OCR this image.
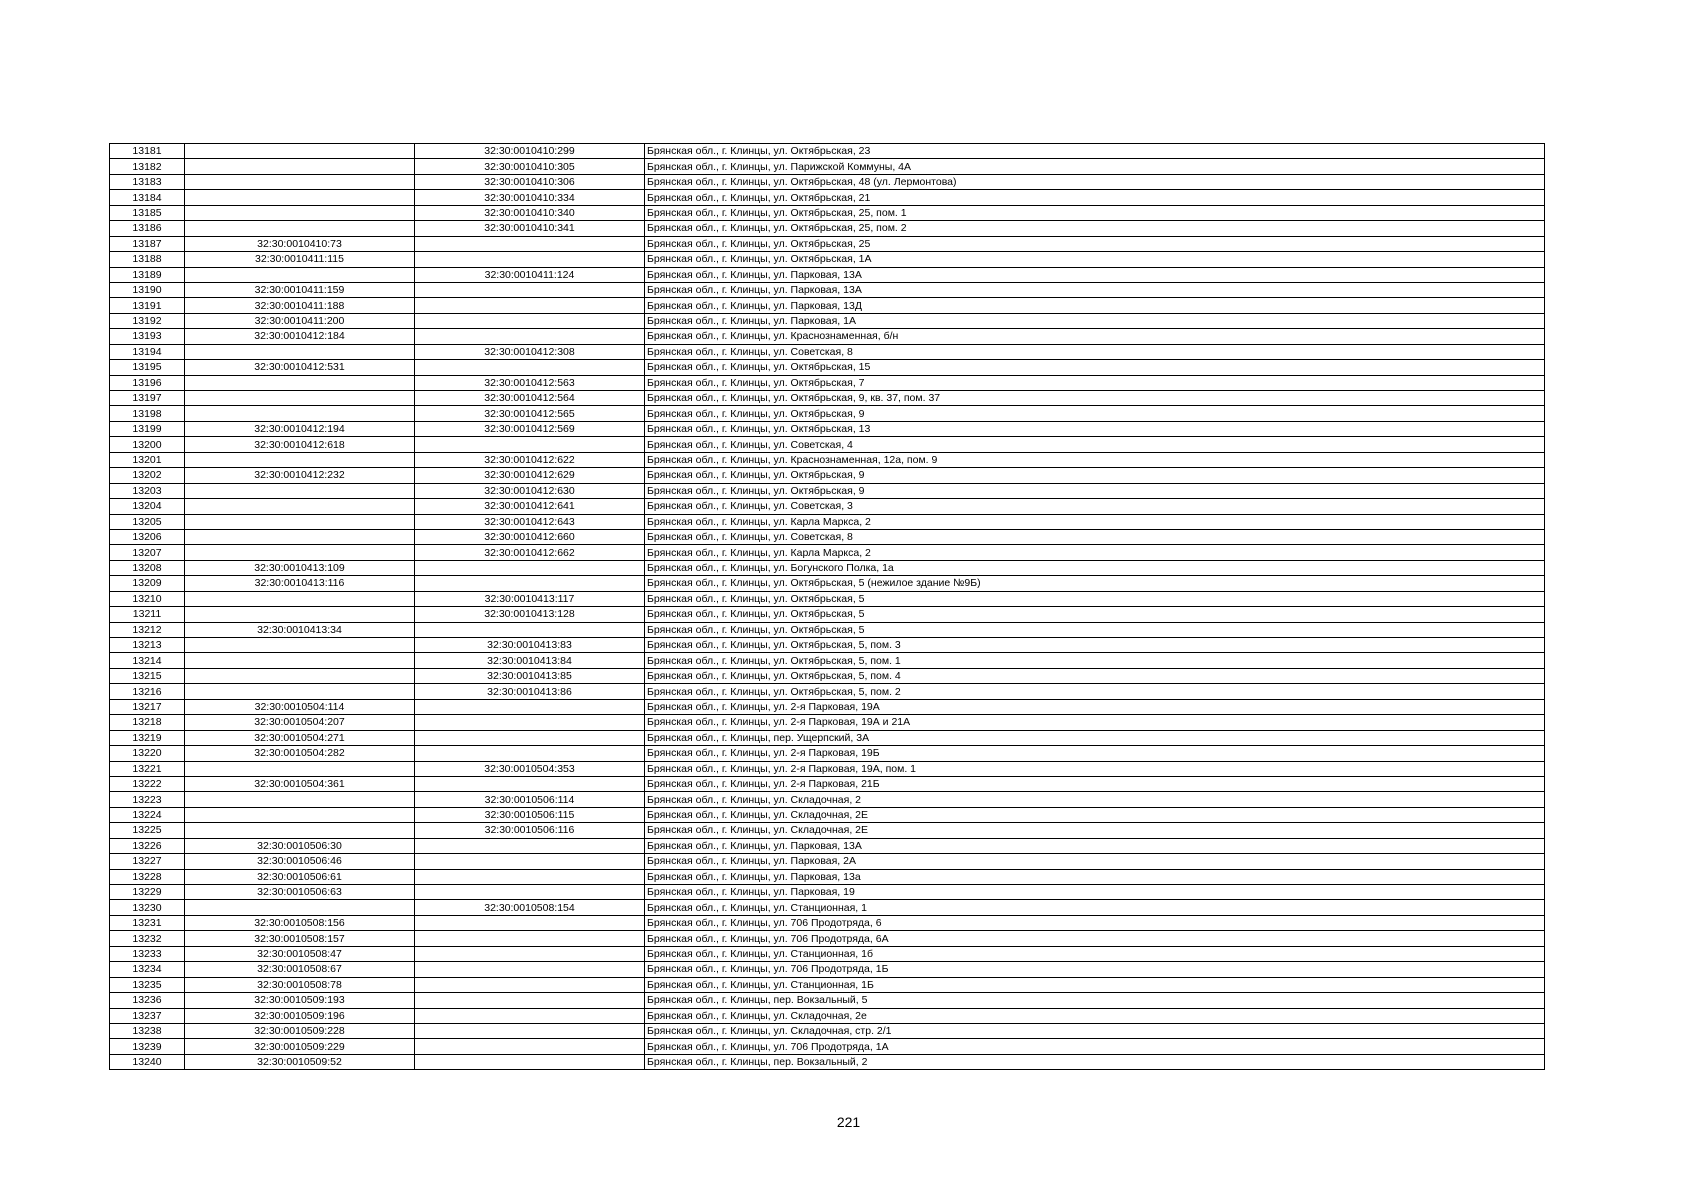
13181		32:30:0010410:299	Брянская обл., г. Клинцы, ул. Октябрьская, 23
13182		32:30:0010410:305	Брянская обл., г. Клинцы, ул. Парижской Коммуны, 4А
13183		32:30:0010410:306	Брянская обл., г. Клинцы, ул. Октябрьская, 48 (ул. Лермонтова)
13184		32:30:0010410:334	Брянская обл., г. Клинцы, ул. Октябрьская, 21
13185		32:30:0010410:340	Брянская обл., г. Клинцы, ул. Октябрьская, 25, пом. 1
13186		32:30:0010410:341	Брянская обл., г. Клинцы, ул. Октябрьская, 25, пом. 2
13187	32:30:0010410:73		Брянская обл., г. Клинцы, ул. Октябрьская, 25
13188	32:30:0010411:115		Брянская обл., г. Клинцы, ул. Октябрьская, 1А
13189		32:30:0010411:124	Брянская обл., г. Клинцы, ул. Парковая, 13А
13190	32:30:0010411:159		Брянская обл., г. Клинцы, ул. Парковая, 13А
13191	32:30:0010411:188		Брянская обл., г. Клинцы, ул. Парковая, 13Д
13192	32:30:0010411:200		Брянская обл., г. Клинцы, ул. Парковая, 1А
13193	32:30:0010412:184		Брянская обл., г. Клинцы, ул. Краснознаменная, б/н
13194		32:30:0010412:308	Брянская обл., г. Клинцы, ул. Советская, 8
13195	32:30:0010412:531		Брянская обл., г. Клинцы, ул. Октябрьская, 15
13196		32:30:0010412:563	Брянская обл., г. Клинцы, ул. Октябрьская, 7
13197		32:30:0010412:564	Брянская обл., г. Клинцы, ул. Октябрьская, 9, кв. 37, пом. 37
13198		32:30:0010412:565	Брянская обл., г. Клинцы, ул. Октябрьская, 9
13199	32:30:0010412:194	32:30:0010412:569	Брянская обл., г. Клинцы, ул. Октябрьская, 13
13200	32:30:0010412:618		Брянская обл., г. Клинцы, ул. Советская, 4
13201		32:30:0010412:622	Брянская обл., г. Клинцы, ул. Краснознаменная, 12а, пом. 9
13202	32:30:0010412:232	32:30:0010412:629	Брянская обл., г. Клинцы, ул. Октябрьская, 9
13203		32:30:0010412:630	Брянская обл., г. Клинцы, ул. Октябрьская, 9
13204		32:30:0010412:641	Брянская обл., г. Клинцы, ул. Советская, 3
13205		32:30:0010412:643	Брянская обл., г. Клинцы, ул. Карла Маркса, 2
13206		32:30:0010412:660	Брянская обл., г. Клинцы, ул. Советская, 8
13207		32:30:0010412:662	Брянская обл., г. Клинцы, ул. Карла Маркса, 2
13208	32:30:0010413:109		Брянская обл., г. Клинцы, ул. Богунского Полка, 1а
13209	32:30:0010413:116		Брянская обл., г. Клинцы, ул. Октябрьская, 5 (нежилое здание №9Б)
13210		32:30:0010413:117	Брянская обл., г. Клинцы, ул. Октябрьская, 5
13211		32:30:0010413:128	Брянская обл., г. Клинцы, ул. Октябрьская, 5
13212	32:30:0010413:34		Брянская обл., г. Клинцы, ул. Октябрьская, 5
13213		32:30:0010413:83	Брянская обл., г. Клинцы, ул. Октябрьская, 5, пом. 3
13214		32:30:0010413:84	Брянская обл., г. Клинцы, ул. Октябрьская, 5, пом. 1
13215		32:30:0010413:85	Брянская обл., г. Клинцы, ул. Октябрьская, 5, пом. 4
13216		32:30:0010413:86	Брянская обл., г. Клинцы, ул. Октябрьская, 5, пом. 2
13217	32:30:0010504:114		Брянская обл., г. Клинцы, ул. 2-я Парковая, 19А
13218	32:30:0010504:207		Брянская обл., г. Клинцы, ул. 2-я Парковая, 19А и 21А
13219	32:30:0010504:271		Брянская обл., г. Клинцы, пер. Ущерпский, 3А
13220	32:30:0010504:282		Брянская обл., г. Клинцы, ул. 2-я Парковая, 19Б
13221		32:30:0010504:353	Брянская обл., г. Клинцы, ул. 2-я Парковая, 19А, пом. 1
13222	32:30:0010504:361		Брянская обл., г. Клинцы, ул. 2-я Парковая, 21Б
13223		32:30:0010506:114	Брянская обл., г. Клинцы, ул. Складочная, 2
13224		32:30:0010506:115	Брянская обл., г. Клинцы, ул. Складочная, 2Е
13225		32:30:0010506:116	Брянская обл., г. Клинцы, ул. Складочная, 2Е
13226	32:30:0010506:30		Брянская обл., г. Клинцы, ул. Парковая, 13А
13227	32:30:0010506:46		Брянская обл., г. Клинцы, ул. Парковая, 2А
13228	32:30:0010506:61		Брянская обл., г. Клинцы, ул. Парковая, 13а
13229	32:30:0010506:63		Брянская обл., г. Клинцы, ул. Парковая, 19
13230		32:30:0010508:154	Брянская обл., г. Клинцы, ул. Станционная, 1
13231	32:30:0010508:156		Брянская обл., г. Клинцы, ул. 706 Продотряда, 6
13232	32:30:0010508:157		Брянская обл., г. Клинцы, ул. 706 Продотряда, 6А
13233	32:30:0010508:47		Брянская обл., г. Клинцы, ул. Станционная, 1б
13234	32:30:0010508:67		Брянская обл., г. Клинцы, ул. 706 Продотряда, 1Б
13235	32:30:0010508:78		Брянская обл., г. Клинцы, ул. Станционная, 1Б
13236	32:30:0010509:193		Брянская обл., г. Клинцы, пер. Вокзальный, 5
13237	32:30:0010509:196		Брянская обл., г. Клинцы, ул. Складочная, 2е
13238	32:30:0010509:228		Брянская обл., г. Клинцы, ул. Складочная, стр. 2/1
13239	32:30:0010509:229		Брянская обл., г. Клинцы, ул. 706 Продотряда, 1А
13240	32:30:0010509:52		Брянская обл., г. Клинцы, пер. Вокзальный, 2
221
